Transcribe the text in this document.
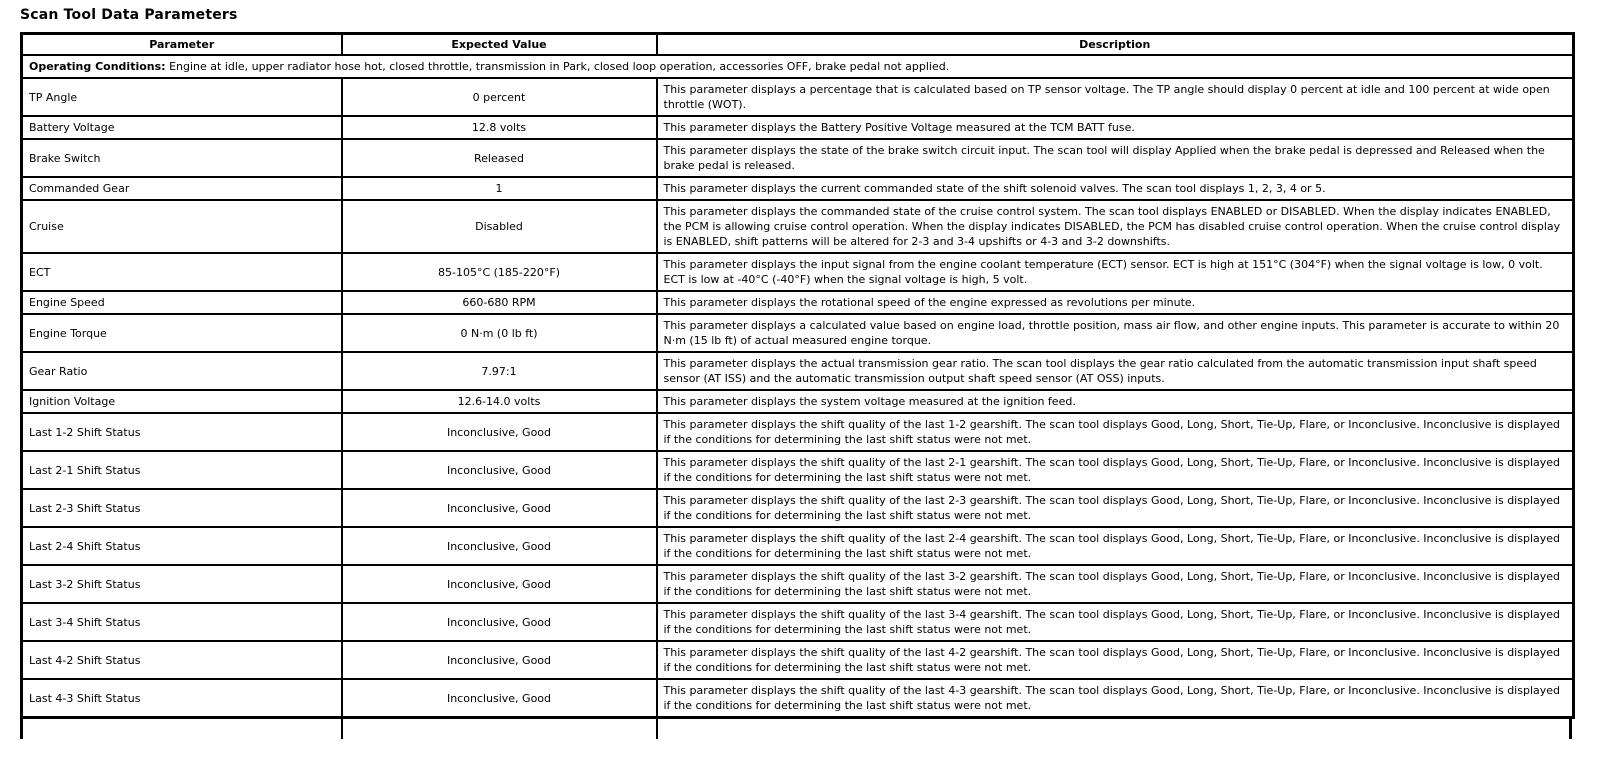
Scan Tool Data Parameters
Parameter	Expected Value	Description
Operating Conditions: Engine at idle, upper radiator hose hot, closed throttle, transmission in Park, closed loop operation, accessories OFF, brake pedal not applied.		
TP Angle	0 percent	This parameter displays a percentage that is calculated based on TP sensor voltage. The TP angle should display 0 percent at idle and 100 percent at wide open throttle (WOT).
Battery Voltage	12.8 volts	This parameter displays the Battery Positive Voltage measured at the TCM BATT fuse.
Brake Switch	Released	This parameter displays the state of the brake switch circuit input. The scan tool will display Applied when the brake pedal is depressed and Released when the brake pedal is released.
Commanded Gear	1	This parameter displays the current commanded state of the shift solenoid valves. The scan tool displays 1, 2, 3, 4 or 5.
Cruise	Disabled	This parameter displays the commanded state of the cruise control system. The scan tool displays ENABLED or DISABLED. When the display indicates ENABLED, the PCM is allowing cruise control operation. When the display indicates DISABLED, the PCM has disabled cruise control operation. When the cruise control display is ENABLED, shift patterns will be altered for 2-3 and 3-4 upshifts or 4-3 and 3-2 downshifts.
ECT	85-105°C (185-220°F)	This parameter displays the input signal from the engine coolant temperature (ECT) sensor. ECT is high at 151°C (304°F) when the signal voltage is low, 0 volt. ECT is low at -40°C (-40°F) when the signal voltage is high, 5 volt.
Engine Speed	660-680 RPM	This parameter displays the rotational speed of the engine expressed as revolutions per minute.
Engine Torque	0 N·m (0 lb ft)	This parameter displays a calculated value based on engine load, throttle position, mass air flow, and other engine inputs. This parameter is accurate to within 20 N·m (15 lb ft) of actual measured engine torque.
Gear Ratio	7.97:1	This parameter displays the actual transmission gear ratio. The scan tool displays the gear ratio calculated from the automatic transmission input shaft speed sensor (AT ISS) and the automatic transmission output shaft speed sensor (AT OSS) inputs.
Ignition Voltage	12.6-14.0 volts	This parameter displays the system voltage measured at the ignition feed.
Last 1-2 Shift Status	Inconclusive, Good	This parameter displays the shift quality of the last 1-2 gearshift. The scan tool displays Good, Long, Short, Tie-Up, Flare, or Inconclusive. Inconclusive is displayed if the conditions for determining the last shift status were not met.
Last 2-1 Shift Status	Inconclusive, Good	This parameter displays the shift quality of the last 2-1 gearshift. The scan tool displays Good, Long, Short, Tie-Up, Flare, or Inconclusive. Inconclusive is displayed if the conditions for determining the last shift status were not met.
Last 2-3 Shift Status	Inconclusive, Good	This parameter displays the shift quality of the last 2-3 gearshift. The scan tool displays Good, Long, Short, Tie-Up, Flare, or Inconclusive. Inconclusive is displayed if the conditions for determining the last shift status were not met.
Last 2-4 Shift Status	Inconclusive, Good	This parameter displays the shift quality of the last 2-4 gearshift. The scan tool displays Good, Long, Short, Tie-Up, Flare, or Inconclusive. Inconclusive is displayed if the conditions for determining the last shift status were not met.
Last 3-2 Shift Status	Inconclusive, Good	This parameter displays the shift quality of the last 3-2 gearshift. The scan tool displays Good, Long, Short, Tie-Up, Flare, or Inconclusive. Inconclusive is displayed if the conditions for determining the last shift status were not met.
Last 3-4 Shift Status	Inconclusive, Good	This parameter displays the shift quality of the last 3-4 gearshift. The scan tool displays Good, Long, Short, Tie-Up, Flare, or Inconclusive. Inconclusive is displayed if the conditions for determining the last shift status were not met.
Last 4-2 Shift Status	Inconclusive, Good	This parameter displays the shift quality of the last 4-2 gearshift. The scan tool displays Good, Long, Short, Tie-Up, Flare, or Inconclusive. Inconclusive is displayed if the conditions for determining the last shift status were not met.
Last 4-3 Shift Status	Inconclusive, Good	This parameter displays the shift quality of the last 4-3 gearshift. The scan tool displays Good, Long, Short, Tie-Up, Flare, or Inconclusive. Inconclusive is displayed if the conditions for determining the last shift status were not met.
